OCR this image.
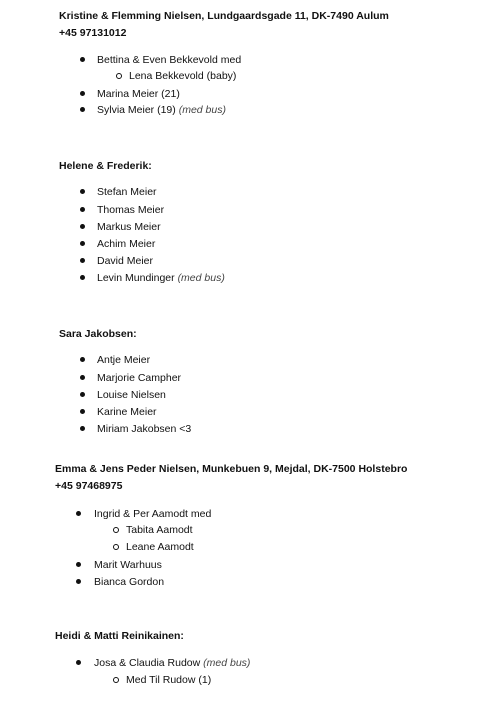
Kristine & Flemming Nielsen, Lundgaardsgade 11, DK-7490 Aulum
+45 97131012
Bettina & Even Bekkevold med
Lena Bekkevold (baby)
Marina Meier (21)
Sylvia Meier (19) (med bus)
Helene & Frederik:
Stefan Meier
Thomas Meier
Markus Meier
Achim Meier
David Meier
Levin Mundinger (med bus)
Sara Jakobsen:
Antje Meier
Marjorie Campher
Louise Nielsen
Karine Meier
Miriam Jakobsen <3
Emma & Jens Peder Nielsen, Munkebuen 9, Mejdal, DK-7500 Holstebro
+45 97468975
Ingrid & Per Aamodt med
Tabita Aamodt
Leane Aamodt
Marit Warhuus
Bianca Gordon
Heidi & Matti Reinikainen:
Josa & Claudia Rudow (med bus)
Med Til Rudow (1)
